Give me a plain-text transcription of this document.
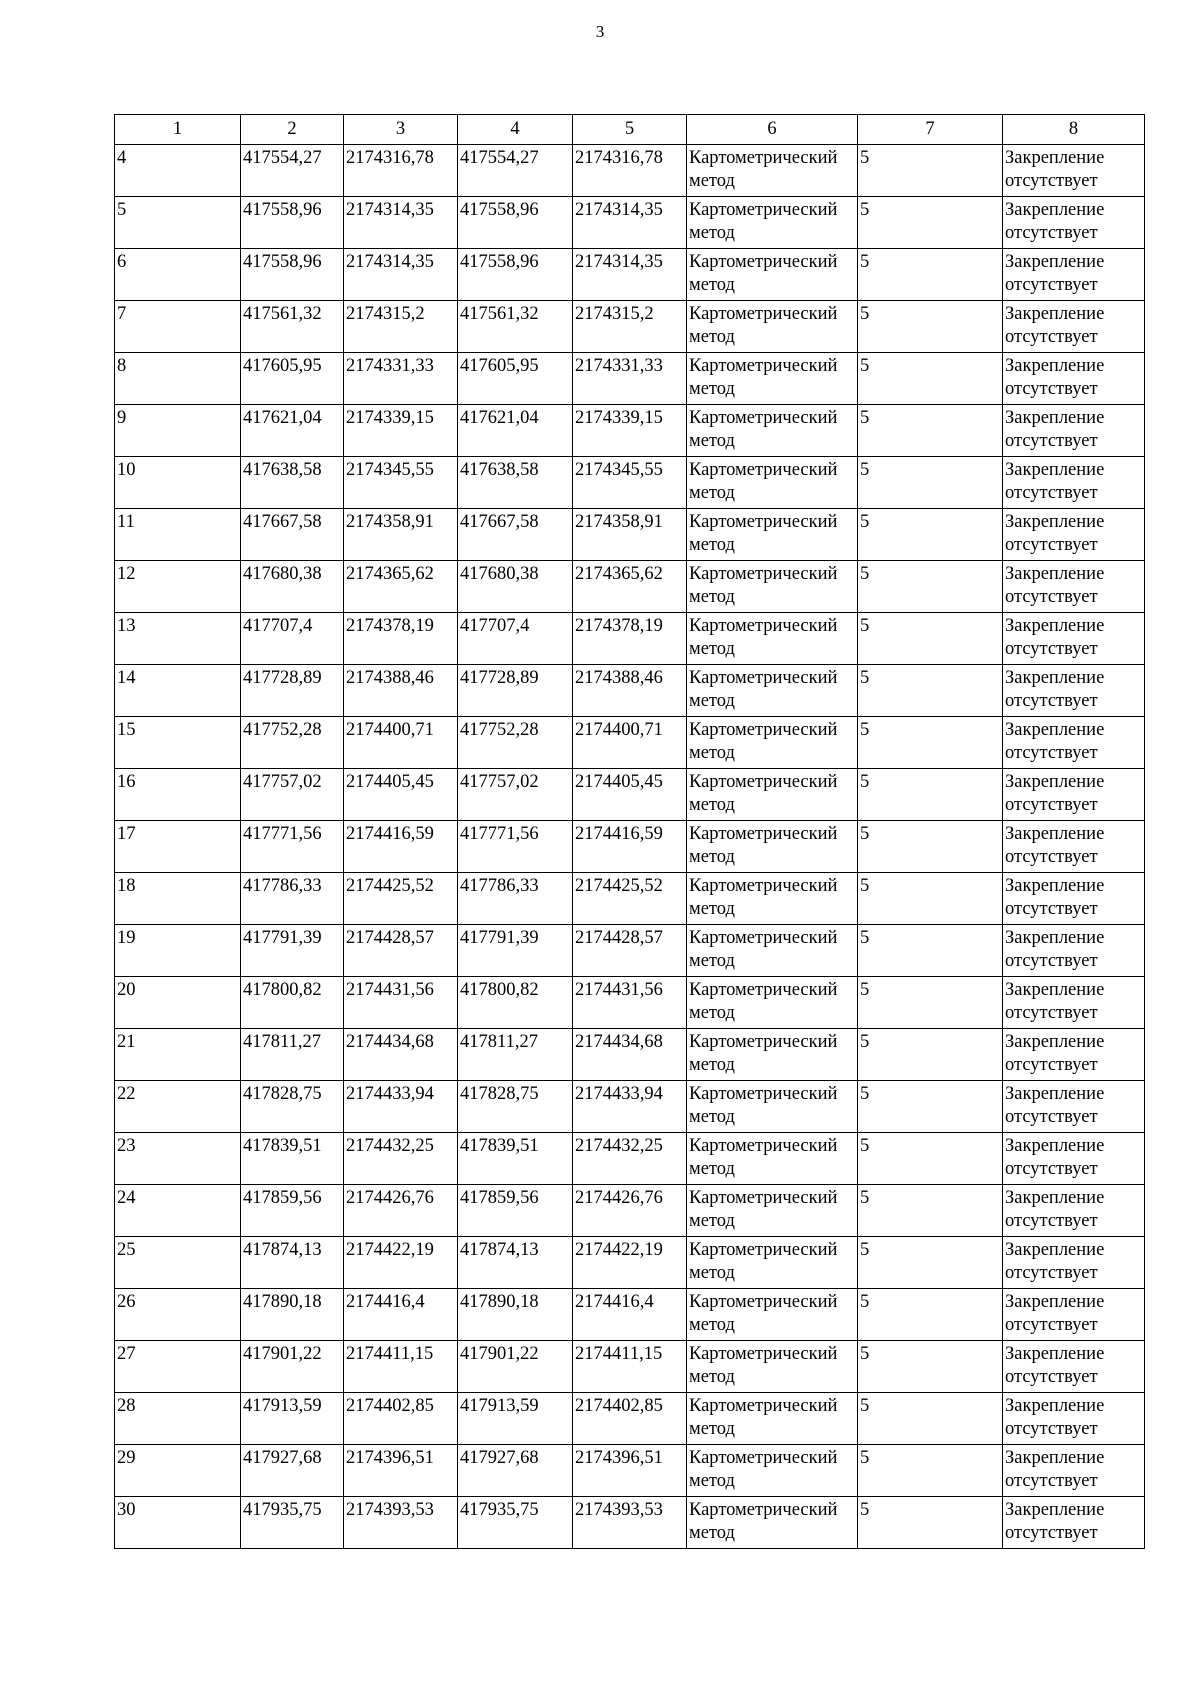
3
1	2	3	4	5	6	7	8
4	417554,27	2174316,78	417554,27	2174316,78	Картометрический метод	5	Закрепление отсутствует
5	417558,96	2174314,35	417558,96	2174314,35	Картометрический метод	5	Закрепление отсутствует
6	417558,96	2174314,35	417558,96	2174314,35	Картометрический метод	5	Закрепление отсутствует
7	417561,32	2174315,2	417561,32	2174315,2	Картометрический метод	5	Закрепление отсутствует
8	417605,95	2174331,33	417605,95	2174331,33	Картометрический метод	5	Закрепление отсутствует
9	417621,04	2174339,15	417621,04	2174339,15	Картометрический метод	5	Закрепление отсутствует
10	417638,58	2174345,55	417638,58	2174345,55	Картометрический метод	5	Закрепление отсутствует
11	417667,58	2174358,91	417667,58	2174358,91	Картометрический метод	5	Закрепление отсутствует
12	417680,38	2174365,62	417680,38	2174365,62	Картометрический метод	5	Закрепление отсутствует
13	417707,4	2174378,19	417707,4	2174378,19	Картометрический метод	5	Закрепление отсутствует
14	417728,89	2174388,46	417728,89	2174388,46	Картометрический метод	5	Закрепление отсутствует
15	417752,28	2174400,71	417752,28	2174400,71	Картометрический метод	5	Закрепление отсутствует
16	417757,02	2174405,45	417757,02	2174405,45	Картометрический метод	5	Закрепление отсутствует
17	417771,56	2174416,59	417771,56	2174416,59	Картометрический метод	5	Закрепление отсутствует
18	417786,33	2174425,52	417786,33	2174425,52	Картометрический метод	5	Закрепление отсутствует
19	417791,39	2174428,57	417791,39	2174428,57	Картометрический метод	5	Закрепление отсутствует
20	417800,82	2174431,56	417800,82	2174431,56	Картометрический метод	5	Закрепление отсутствует
21	417811,27	2174434,68	417811,27	2174434,68	Картометрический метод	5	Закрепление отсутствует
22	417828,75	2174433,94	417828,75	2174433,94	Картометрический метод	5	Закрепление отсутствует
23	417839,51	2174432,25	417839,51	2174432,25	Картометрический метод	5	Закрепление отсутствует
24	417859,56	2174426,76	417859,56	2174426,76	Картометрический метод	5	Закрепление отсутствует
25	417874,13	2174422,19	417874,13	2174422,19	Картометрический метод	5	Закрепление отсутствует
26	417890,18	2174416,4	417890,18	2174416,4	Картометрический метод	5	Закрепление отсутствует
27	417901,22	2174411,15	417901,22	2174411,15	Картометрический метод	5	Закрепление отсутствует
28	417913,59	2174402,85	417913,59	2174402,85	Картометрический метод	5	Закрепление отсутствует
29	417927,68	2174396,51	417927,68	2174396,51	Картометрический метод	5	Закрепление отсутствует
30	417935,75	2174393,53	417935,75	2174393,53	Картометрический метод	5	Закрепление отсутствует
